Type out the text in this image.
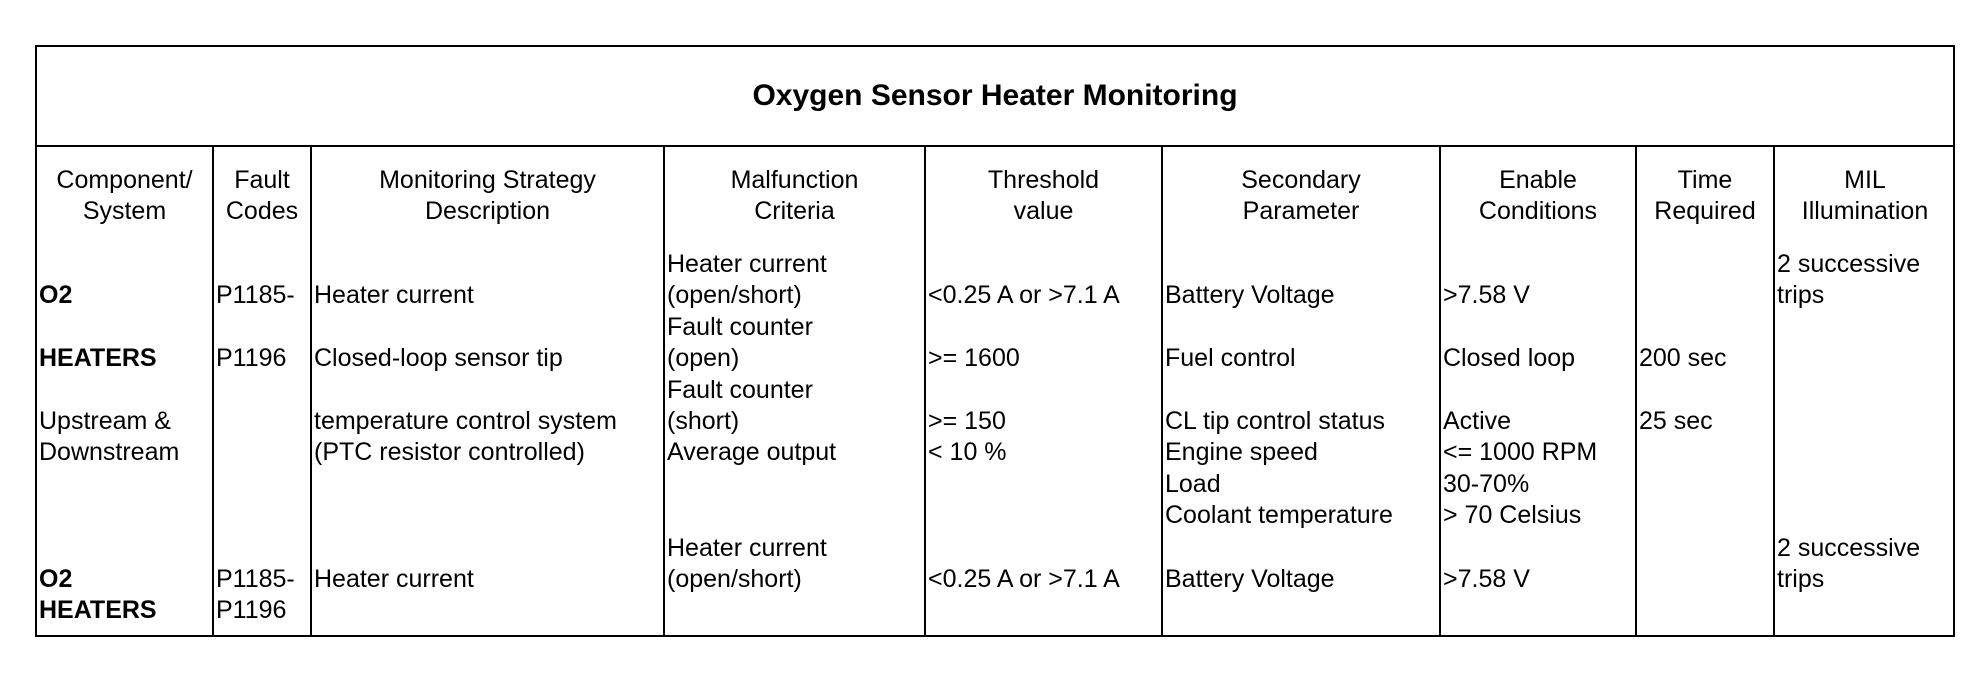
Oxygen Sensor Heater Monitoring
Component/
System
Fault
Codes
Monitoring Strategy
Description
Malfunction
Criteria
Threshold
value
Secondary
Parameter
Enable
Conditions
Time
Required
MIL
Illumination
O2
HEATERS
Upstream &
Downstream
P1185-
P1196
Heater current
Closed-loop sensor tip
temperature control system
(PTC resistor controlled)
Heater current
(open/short)
Fault counter
(open)
Fault counter
(short)
Average output
<0.25 A or >7.1 A
>= 1600
>= 150
< 10 %
Battery Voltage
Fuel control
CL tip control status
Engine speed
Load
Coolant temperature
>7.58 V
Closed loop
Active
<= 1000 RPM
30-70%
> 70 Celsius
200 sec
25 sec
2 successive
trips
O2
HEATERS
P1185-
P1196
Heater current
Heater current
(open/short)	<0.25 A or >7.1 A Battery Voltage	>7.58 V
2 successive
trips
